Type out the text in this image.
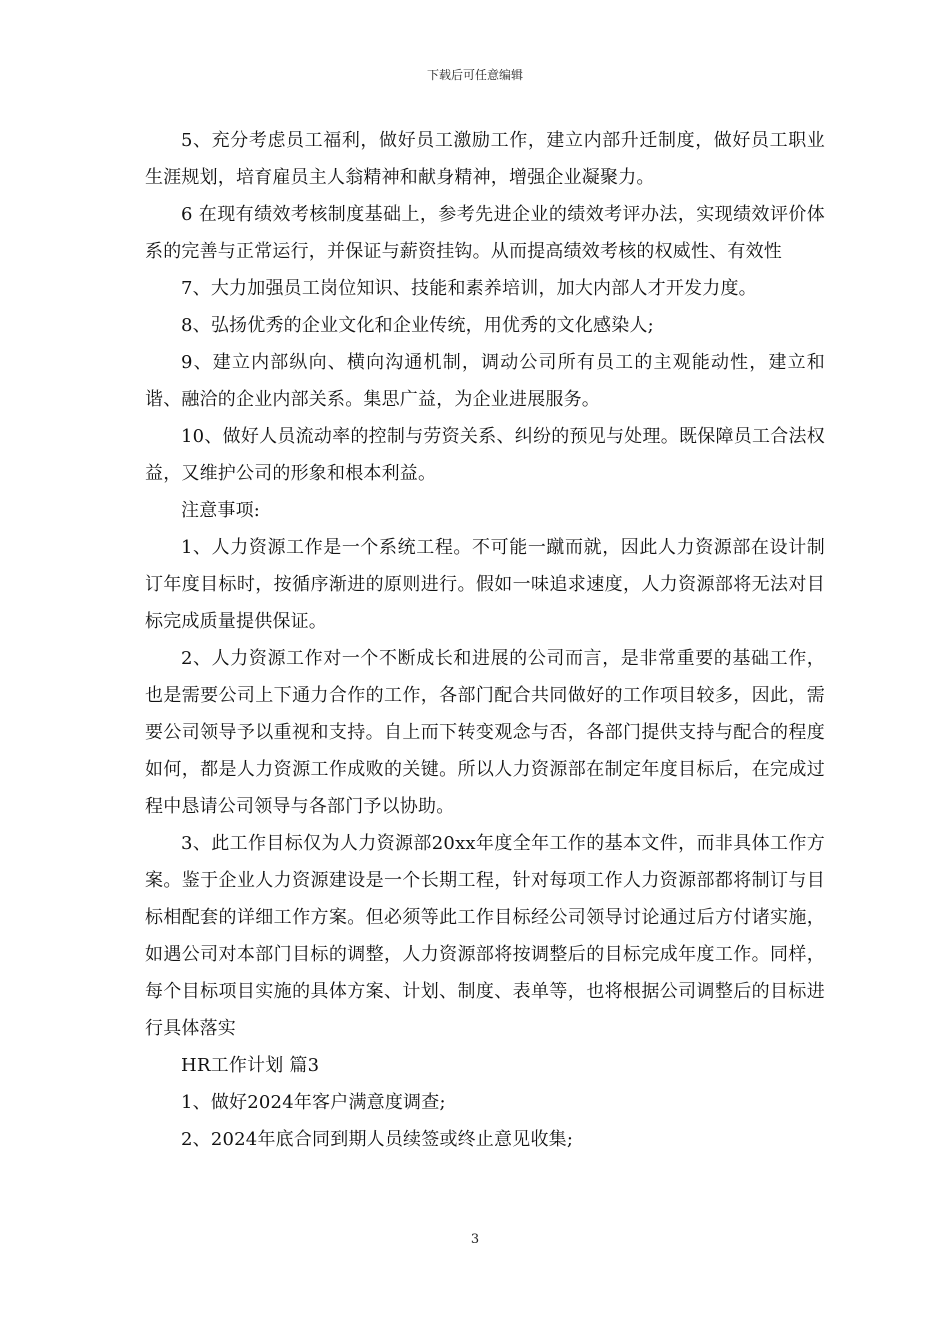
下载后可任意编辑

5、充分考虑员工福利，做好员工激励工作，建立内部升迁制度，做好员工职业生涯规划，培育雇员主人翁精神和献身精神，增强企业凝聚力。

6 在现有绩效考核制度基础上，参考先进企业的绩效考评办法，实现绩效评价体系的完善与正常运行，并保证与薪资挂钩。从而提高绩效考核的权威性、有效性

7、大力加强员工岗位知识、技能和素养培训，加大内部人才开发力度。

8、弘扬优秀的企业文化和企业传统，用优秀的文化感染人;

9、建立内部纵向、横向沟通机制，调动公司所有员工的主观能动性，建立和谐、融洽的企业内部关系。集思广益，为企业进展服务。

10、做好人员流动率的控制与劳资关系、纠纷的预见与处理。既保障员工合法权益，又维护公司的形象和根本利益。

注意事项:

1、人力资源工作是一个系统工程。不可能一蹴而就，因此人力资源部在设计制订年度目标时，按循序渐进的原则进行。假如一味追求速度，人力资源部将无法对目标完成质量提供保证。

2、人力资源工作对一个不断成长和进展的公司而言，是非常重要的基础工作，也是需要公司上下通力合作的工作，各部门配合共同做好的工作项目较多，因此，需要公司领导予以重视和支持。自上而下转变观念与否，各部门提供支持与配合的程度如何，都是人力资源工作成败的关键。所以人力资源部在制定年度目标后，在完成过程中恳请公司领导与各部门予以协助。

3、此工作目标仅为人力资源部20xx年度全年工作的基本文件，而非具体工作方案。鉴于企业人力资源建设是一个长期工程，针对每项工作人力资源部都将制订与目标相配套的详细工作方案。但必须等此工作目标经公司领导讨论通过后方付诸实施，如遇公司对本部门目标的调整，人力资源部将按调整后的目标完成年度工作。同样，每个目标项目实施的具体方案、计划、制度、表单等，也将根据公司调整后的目标进行具体落实

HR工作计划 篇3

1、做好2024年客户满意度调查;

2、2024年底合同到期人员续签或终止意见收集;

3
